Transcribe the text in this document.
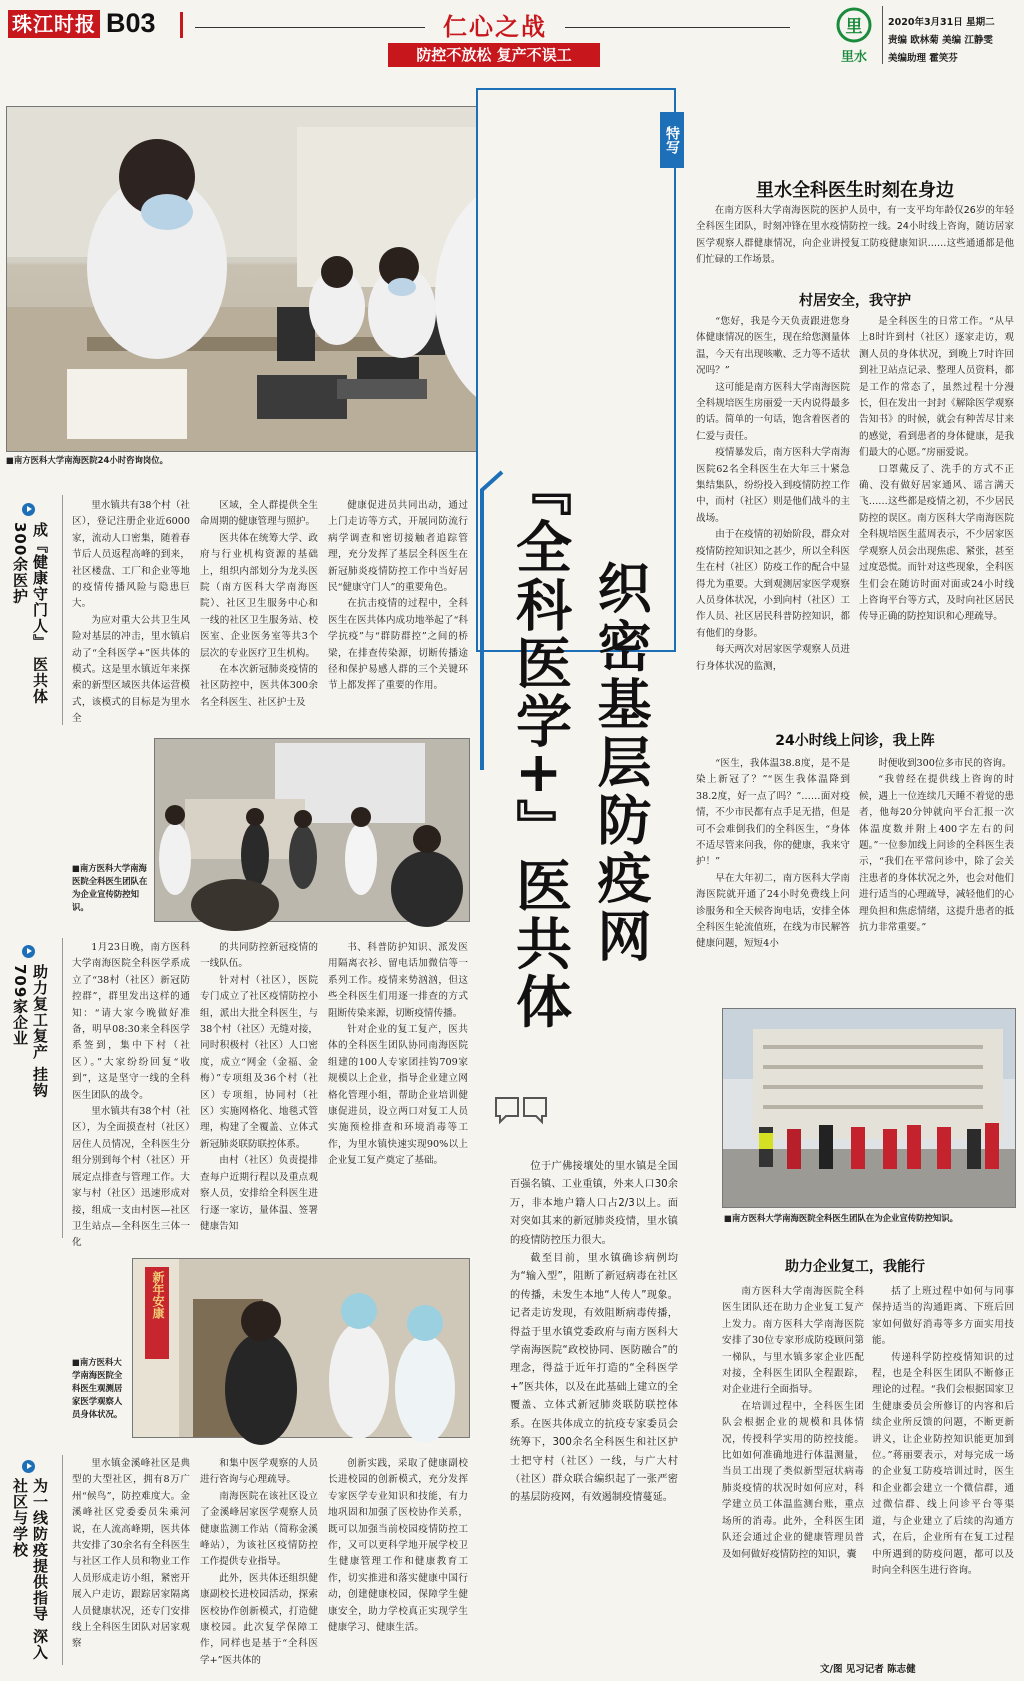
珠江时报 B03	仁心之战
防控不放松 复产不误工
里
里水
2020年3月31日 星期二
责编 欧林菊 美编 江静雯
美编助理 霍笑芬
■南方医科大学南海医院24小时咨询岗位。
特写
织密基层防疫网
『全科医学+』医共体
里水全科医生时刻在身边

在南方医科大学南海医院的医护人员中，有一支平均年龄仅26岁的年轻全科医生团队，时刻冲锋在里水疫情防控一线。24小时线上咨询，随访居家医学观察人群健康情况，向企业讲授复工防疫健康知识……这些通通都是他们忙碌的工作场景。

村居安全，我守护

“您好，我是今天负责跟进您身体健康情况的医生，现在给您测量体温，今天有出现咳嗽、乏力等不适状况吗？”

这可能是南方医科大学南海医院全科规培医生房丽爱一天内说得最多的话。简单的一句话，饱含着医者的仁爱与责任。

疫情暴发后，南方医科大学南海医院62名全科医生在大年三十紧急集结集队，纷纷投入到疫情防控工作中，而村（社区）则是他们战斗的主战场。

由于在疫情的初始阶段，群众对疫情防控知识知之甚少，所以全科医生在村（社区）防疫工作的配合中显得尤为重要。大到观测居家医学观察人员身体状况，小到向村（社区）工作人员、社区居民科普防控知识，都有他们的身影。

每天两次对居家医学观察人员进行身体状况的监测，

是全科医生的日常工作。“从早上8时许到村（社区）逐家走访，观测人员的身体状况，到晚上7时许回到社卫站点记录、整理人员资料，都是工作的常态了，虽然过程十分漫长，但在发出一封封《解除医学观察告知书》的时候，就会有种苦尽甘来的感觉，看到患者的身体健康，是我们最大的心愿。”房丽爱说。

口罩戴反了、洗手的方式不正确、没有做好居家通风、谣言满天飞……这些都是疫情之初，不少居民防控的误区。南方医科大学南海医院全科规培医生蓝周表示，不少居家医学观察人员会出现焦虑、紧张，甚至过度恐慌。而针对这些现象，全科医生们会在随访时面对面或24小时线上咨询平台等方式，及时向社区居民传导正确的防控知识和心理疏导。

24小时线上问诊，我上阵

“医生，我体温38.8度，是不是染上新冠了？”“医生我体温降到38.2度，好一点了吗？”……面对疫情，不少市民都有点手足无措，但是可不会难倒我们的全科医生，“身体不适尽管来问我，你的健康，我来守护！”

早在大年初二，南方医科大学南海医院就开通了24小时免费线上问诊服务和全天候咨询电话，安排全体全科医生轮流值班，在线为市民解答健康问题，短短4小

时便收到300位多市民的咨询。

“我曾经在提供线上咨询的时候，遇上一位连续几天睡不着觉的患者，他每20分钟就向平台汇报一次体温度数并附上400字左右的问题。”一位参加线上问诊的全科医生表示，“我们在平常问诊中，除了会关注患者的身体状况之外，也会对他们进行适当的心理疏导，减轻他们的心理负担和焦虑情绪，这提升患者的抵抗力非常重要。”

■南方医科大学南海医院全科医生团队在为企业宣传防控知识。
助力企业复工，我能行

南方医科大学南海医院全科医生团队还在助力企业复工复产上发力。南方医科大学南海医院安排了30位专家形成防疫顾问第一梯队，与里水镇多家企业匹配对接，全科医生团队全程跟踪，对企业进行全面指导。

在培训过程中，全科医生团队会根据企业的规模和具体情况，传授科学实用的防控技能。比如如何准确地进行体温测量，当员工出现了类似新型冠状病毒肺炎疫情的状况时如何应对，科学建立员工体温监测台账，重点场所的消毒。此外，全科医生团队还会通过企业的健康管理员普及如何做好疫情防控的知识，囊

括了上班过程中如何与同事保持适当的沟通距离、下班后回家如何做好消毒等多方面实用技能。

传递科学防控疫情知识的过程，也是全科医生团队不断修正理论的过程。“我们会根据国家卫生健康委员会所修订的内容和后续企业所反馈的问题，不断更新讲义，让企业防控知识能更加到位。”蒋丽要表示，对每完成一场的企业复工防疫培训过时，医生和企业都会建立一个微信群，通过微信群、线上问诊平台等渠道，与企业建立了后续的沟通方式，在后，企业所有在复工过程中所遇到的防疫问题，都可以及时向全科医生进行咨询。

文/图 见习记者 陈志健

位于广佛接壤处的里水镇是全国百强名镇、工业重镇，外来人口30余万，非本地户籍人口占2/3以上。面对突如其来的新冠肺炎疫情，里水镇的疫情防控压力很大。

截至目前，里水镇确诊病例均为“输入型”，阻断了新冠病毒在社区的传播，未发生本地“人传人”现象。记者走访发现，有效阻断病毒传播，得益于里水镇党委政府与南方医科大学南海医院“政校协同、医防融合”的理念，得益于近年打造的“全科医学+”医共体，以及在此基础上建立的全覆盖、立体式新冠肺炎联防联控体系。在医共体成立的抗疫专家委员会统筹下，300余名全科医生和社区护士把守村（社区）一线，与广大村（社区）群众联合编织起了一张严密的基层防疫网，有效遏制疫情蔓延。

成『健康守门人』 医共体300余医护

里水镇共有38个村（社区），登记注册企业近6000家，流动人口密集，随着春节后人员返程高峰的到来，社区楼盘、工厂和企业等地的疫情传播风险与隐患巨大。

为应对重大公共卫生风险对基层的冲击，里水镇启动了“全科医学+”医共体的模式。这是里水镇近年来探索的新型区域医共体运营模式，该模式的目标是为里水全

区域，全人群提供全生命周期的健康管理与照护。

医共体在统筹大学、政府与行业机构资源的基础上，组织内部划分为龙头医院（南方医科大学南海医院）、社区卫生服务中心和一线的社区卫生服务站、校医室、企业医务室等共3个层次的专业医疗卫生机构。

在本次新冠肺炎疫情的社区防控中，医共体300余名全科医生、社区护士及

健康促进员共同出动，通过上门走访等方式，开展同防流行病学调查和密切接触者追踪管理，充分发挥了基层全科医生在新冠肺炎疫情防控工作中当好居民“健康守门人”的重要角色。

在抗击疫情的过程中，全科医生在医共体内成功地举起了“科学抗疫”与“群防群控”之间的桥梁，在排查传染源，切断传播途径和保护易感人群的三个关键环节上都发挥了重要的作用。

■南方医科大学南海医院全科医生团队在为企业宣传防控知识。
助力复工复产 挂钩709家企业

1月23日晚，南方医科大学南海医院全科医学系成立了“38村（社区）新冠防控群”，群里发出这样的通知：“请大家今晚做好准备，明早08:30来全科医学系签到，集中下村（社区）。”大家纷纷回复“收到”，这是坚守一线的全科医生团队的战令。

里水镇共有38个村（社区），为全面摸查村（社区）居住人员情况，全科医生分组分别到每个村（社区）开展定点排查与管理工作。大家与村（社区）迅速形成对接，组成一支由村医—社区卫生站点—全科医生三体一化

的共同防控新冠疫情的一线队伍。

针对村（社区），医院专门成立了社区疫情防控小组，派出大批全科医生，与38个村（社区）无缝对接，同时积极村（社区）人口密度，成立“网金（金福、金梅）”专项组及36个村（社区）专项组，协同村（社区）实施网格化、地毯式管理，构建了全覆盖、立体式新冠肺炎联防联控体系。

由村（社区）负责提排查每户近期行程以及重点观察人员，安排给全科医生进行逐一家访，量体温、签署健康告知

书、科普防护知识、派发医用隔离衣衫、留电话加微信等一系列工作。疫情来势汹汹，但这些全科医生们用逐一排查的方式阻断传染来源，切断疫情传播。

针对企业的复工复产，医共体的全科医生团队协同南海医院组建的100人专家团挂钩709家规模以上企业，指导企业建立网格化管理小组，帮助企业培训健康促进员，设立两口对复工人员实施预检排查和环境消毒等工作，为里水镇快速实现90%以上企业复工复产奠定了基础。

新年安康
■南方医科大学南海医院全科医生观测居家医学观察人员身体状况。
为一线防疫提供指导 深入社区与学校

里水镇金溪峰社区是典型的大型社区，拥有8万广州“候鸟”，防控难度大。金溪峰社区党委委员朱乘河说，在人流高峰期，医共体共安排了30余名有全科医生与社区工作人员和物业工作人员形成走访小组，紧密开展入户走访，跟踪居家隔离人员健康状况，还专门安排线上全科医生团队对居家观察

和集中医学观察的人员进行咨询与心理疏导。

南海医院在该社区设立了金溪峰居家医学观察人员健康监测工作站（简称金溪峰站），为该社区疫情防控工作提供专业指导。

此外，医共体还组织健康副校长进校园活动，探索医校协作创新模式，打造健康校园。此次复学保障工作，同样也是基于“全科医学+”医共体的

创新实践，采取了健康副校长进校园的创新模式，充分发挥专家医学专业知识和技能，有力地巩固和加强了医校协作关系，既可以加强当前校园疫情防控工作，又可以更科学地开展学校卫生健康管理工作和健康教育工作，切实推进和落实健康中国行动，创建健康校园，保障学生健康安全，助力学校真正实现学生健康学习、健康生活。
